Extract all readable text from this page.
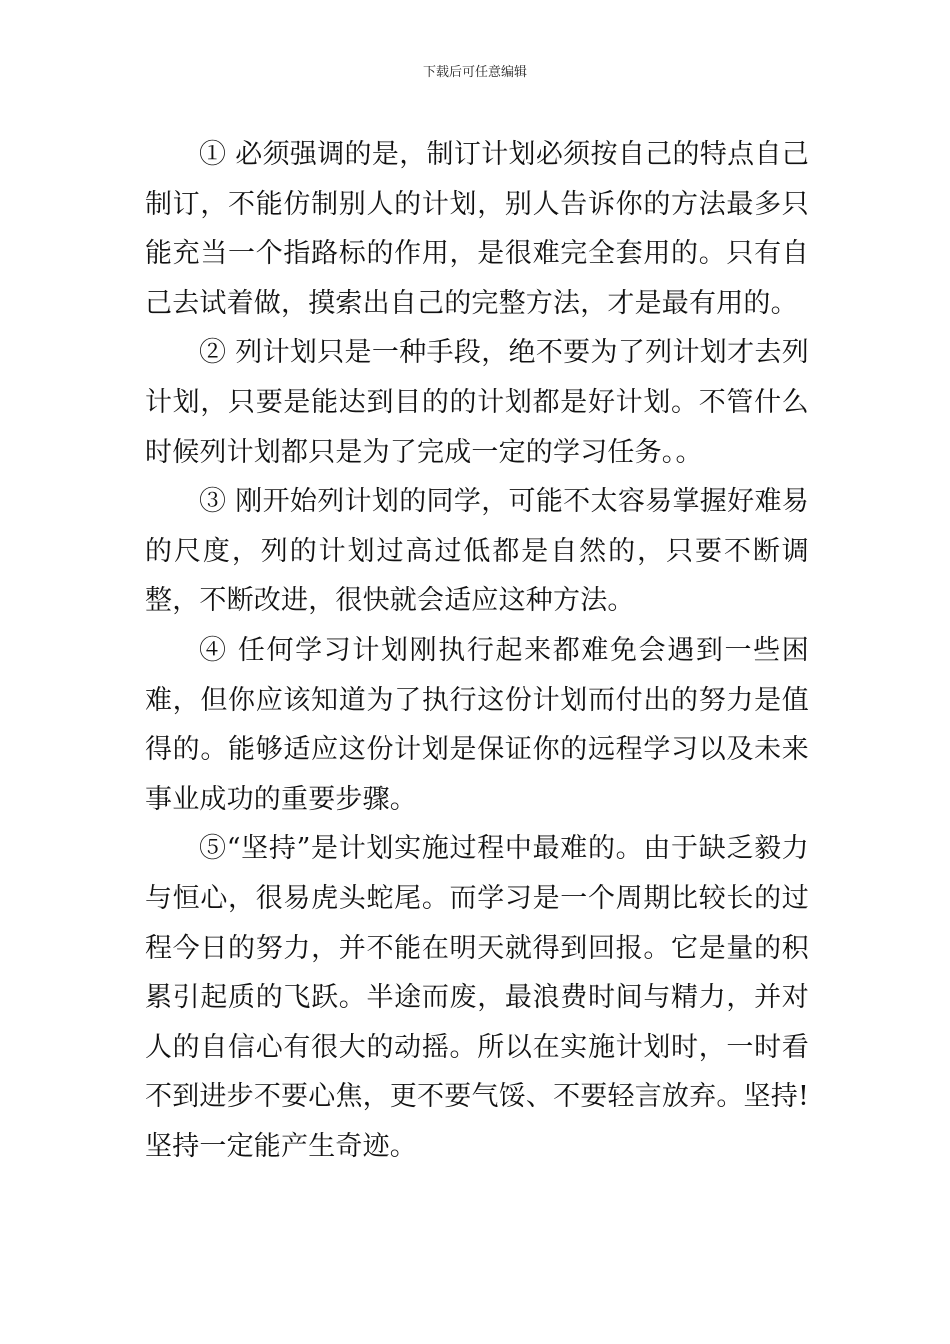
下载后可任意编辑

① 必须强调的是，制订计划必须按自己的特点自己制订，不能仿制别人的计划，别人告诉你的方法最多只能充当一个指路标的作用，是很难完全套用的。只有自己去试着做，摸索出自己的完整方法，才是最有用的。

② 列计划只是一种手段，绝不要为了列计划才去列计划，只要是能达到目的的计划都是好计划。不管什么时候列计划都只是为了完成一定的学习任务。。

③ 刚开始列计划的同学，可能不太容易掌握好难易的尺度，列的计划过高过低都是自然的，只要不断调整，不断改进，很快就会适应这种方法。

④ 任何学习计划刚执行起来都难免会遇到一些困难，但你应该知道为了执行这份计划而付出的努力是值得的。能够适应这份计划是保证你的远程学习以及未来事业成功的重要步骤。

⑤“坚持”是计划实施过程中最难的。由于缺乏毅力与恒心，很易虎头蛇尾。而学习是一个周期比较长的过程今日的努力，并不能在明天就得到回报。它是量的积累引起质的飞跃。半途而废，最浪费时间与精力，并对人的自信心有很大的动摇。所以在实施计划时，一时看不到进步不要心焦，更不要气馁、不要轻言放弃。坚持!坚持一定能产生奇迹。
